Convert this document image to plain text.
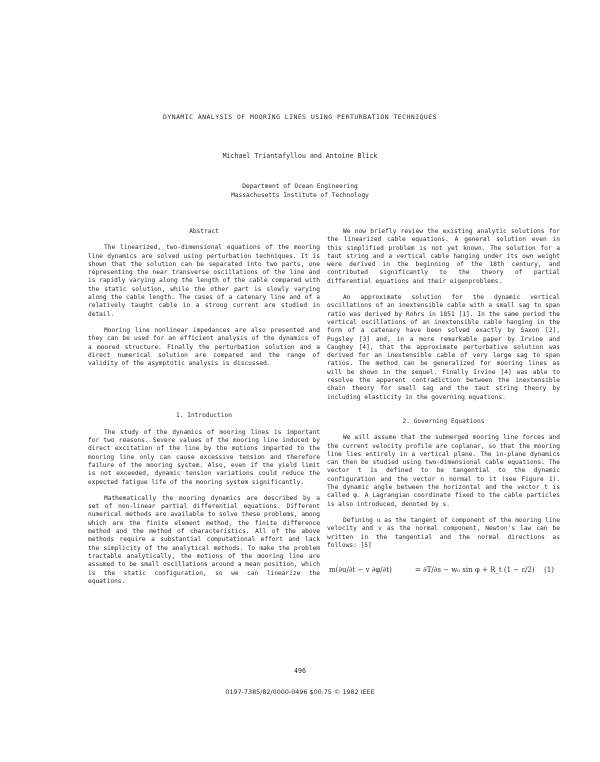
DYNAMIC ANALYSIS OF MOORING LINES USING PERTURBATION TECHNIQUES
Michael Triantafyllou and Antoine Blick
Department of Ocean Engineering
Massachusetts Institute of Technology

Abstract

The linearized, two-dimensional equations of the mooring line dynamics are solved using perturbation techniques. It is shown that the solution can be separated into two parts, one representing the near transverse oscillations of the line and is rapidly varying along the length of the cable compared with the static solution, while the other part is slowly varying along the cable length. The cases of a catenary line and of a relatively taught cable in a strong current are studied in detail.

Mooring line nonlinear impedances are also presented and they can be used for an efficient analysis of the dynamics of a moored structure. Finally the perturbation solution and a direct numerical solution are compared and the range of validity of the asymptotic analysis is discussed.

1. Introduction

The study of the dynamics of mooring lines is important for two reasons. Severe values of the mooring line induced by direct excitation of the line by the motions imparted to the mooring line only can cause excessive tension and therefore failure of the mooring system. Also, even if the yield limit is not exceeded, dynamic tension variations could reduce the expected fatigue life of the mooring system significantly.

Mathematically the mooring dynamics are described by a set of non-linear partial differential equations. Different numerical methods are available to solve these problems, among which are the finite element method, the finite difference method and the method of characteristics. All of the above methods require a substantial computational effort and lack the simplicity of the analytical methods. To make the problem tractable analytically, the motions of the mooring line are assumed to be small oscillations around a mean position, which is the static configuration, so we can linearize the equations.

We now briefly review the existing analytic solutions for the linearized cable equations. A general solution even in this simplified problem is not yet known. The solution for a taut string and a vertical cable hanging under its own weight were derived in the beginning of the 18th century, and contributed significantly to the theory of partial differential equations and their eigenproblems.

An approximate solution for the dynamic vertical oscillations of an inextensible cable with a small sag to span ratio was derived by Rohrs in 1851 [1]. In the same period the vertical oscillations of an inextensible cable hanging in the form of a catenary have been solved exactly by Saxon [2], Pugsley [3] and, in a more remarkable paper by Irvine and Caughey [4], that the approximate perturbative solution was derived for an inextensible cable of very large sag to span ratios. The method can be generalized for mooring lines as will be shown in the sequel. Finally Irvine [4] was able to resolve the apparent contradiction between the inextensible chain theory for small sag and the taut string theory by including elasticity in the governing equations.

2. Governing Equations

We will assume that the submerged mooring line forces and the current velocity profile are coplanar, so that the mooring line lies entirely in a vertical plane. The in-plane dynamics can then be studied using two-dimensional cable equations. The vector t is defined to be tangential to the dynamic configuration and the vector n normal to it (see Figure 1). The dynamic angle between the horizontal and the vector t is called φ. A Lagrangian coordinate fixed to the cable particles is also introduced, denoted by s.

Defining u as the tangent of component of the mooring line velocity and v as the normal component, Newton's law can be written in the tangential and the normal directions as follows: [5]

m(∂u/∂t − v ∂φ/∂t)	= ∂T/∂s − w₀ sin φ + R_t (1 − ε/2) (1)
496
0197-7385/82/0000-0496 $00.75 © 1982 IEEE
